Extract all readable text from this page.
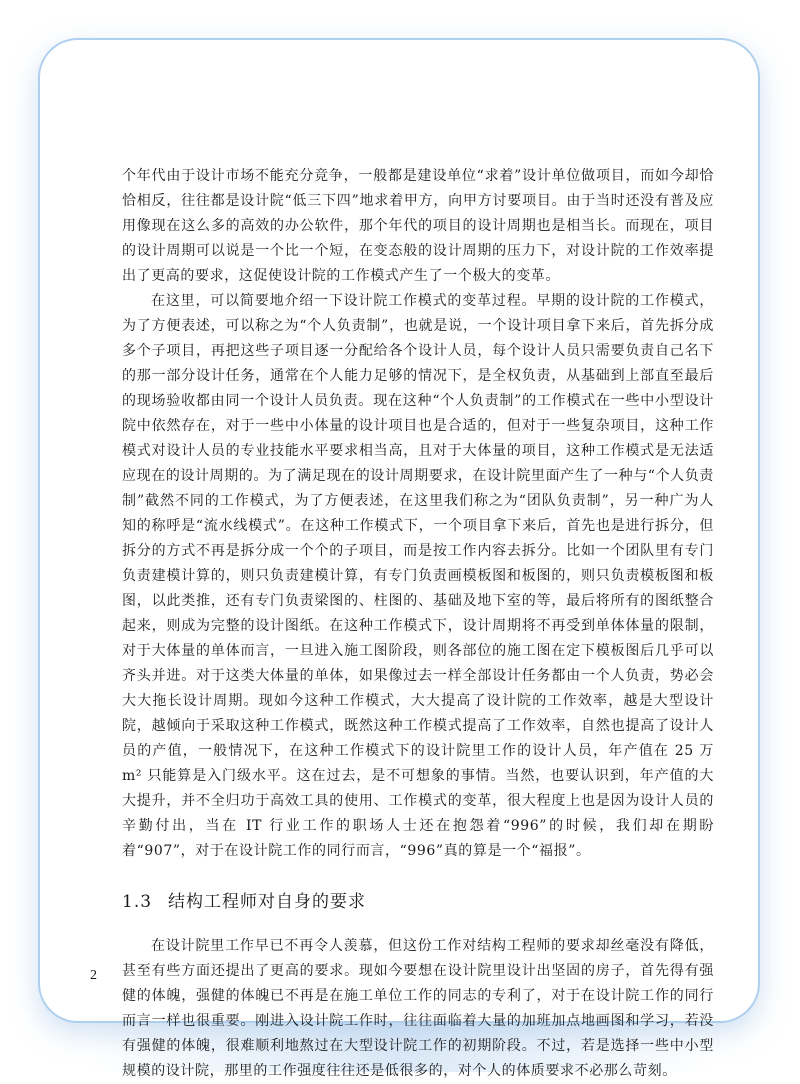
个年代由于设计市场不能充分竞争，一般都是建设单位“求着”设计单位做项目，而如今却恰恰相反，往往都是设计院“低三下四”地求着甲方，向甲方讨要项目。由于当时还没有普及应用像现在这么多的高效的办公软件，那个年代的项目的设计周期也是相当长。而现在，项目的设计周期可以说是一个比一个短，在变态般的设计周期的压力下，对设计院的工作效率提出了更高的要求，这促使设计院的工作模式产生了一个极大的变革。

在这里，可以简要地介绍一下设计院工作模式的变革过程。早期的设计院的工作模式，为了方便表述，可以称之为“个人负责制”，也就是说，一个设计项目拿下来后，首先拆分成多个子项目，再把这些子项目逐一分配给各个设计人员，每个设计人员只需要负责自己名下的那一部分设计任务，通常在个人能力足够的情况下，是全权负责，从基础到上部直至最后的现场验收都由同一个设计人员负责。现在这种“个人负责制”的工作模式在一些中小型设计院中依然存在，对于一些中小体量的设计项目也是合适的，但对于一些复杂项目，这种工作模式对设计人员的专业技能水平要求相当高，且对于大体量的项目，这种工作模式是无法适应现在的设计周期的。为了满足现在的设计周期要求，在设计院里面产生了一种与“个人负责制”截然不同的工作模式，为了方便表述，在这里我们称之为“团队负责制”，另一种广为人知的称呼是“流水线模式”。在这种工作模式下，一个项目拿下来后，首先也是进行拆分，但拆分的方式不再是拆分成一个个的子项目，而是按工作内容去拆分。比如一个团队里有专门负责建模计算的，则只负责建模计算，有专门负责画模板图和板图的，则只负责模板图和板图，以此类推，还有专门负责梁图的、柱图的、基础及地下室的等，最后将所有的图纸整合起来，则成为完整的设计图纸。在这种工作模式下，设计周期将不再受到单体体量的限制，对于大体量的单体而言，一旦进入施工图阶段，则各部位的施工图在定下模板图后几乎可以齐头并进。对于这类大体量的单体，如果像过去一样全部设计任务都由一个人负责，势必会大大拖长设计周期。现如今这种工作模式，大大提高了设计院的工作效率，越是大型设计院，越倾向于采取这种工作模式，既然这种工作模式提高了工作效率，自然也提高了设计人员的产值，一般情况下，在这种工作模式下的设计院里工作的设计人员，年产值在 25 万 m² 只能算是入门级水平。这在过去，是不可想象的事情。当然，也要认识到，年产值的大大提升，并不全归功于高效工具的使用、工作模式的变革，很大程度上也是因为设计人员的辛勤付出，当在 IT 行业工作的职场人士还在抱怨着“996”的时候，我们却在期盼着“907”，对于在设计院工作的同行而言，“996”真的算是一个“福报”。

1.3 结构工程师对自身的要求

在设计院里工作早已不再令人羡慕，但这份工作对结构工程师的要求却丝毫没有降低，甚至有些方面还提出了更高的要求。现如今要想在设计院里设计出坚固的房子，首先得有强健的体魄，强健的体魄已不再是在施工单位工作的同志的专利了，对于在设计院工作的同行而言一样也很重要。刚进入设计院工作时，往往面临着大量的加班加点地画图和学习，若没有强健的体魄，很难顺利地熬过在大型设计院工作的初期阶段。不过，若是选择一些中小型规模的设计院，那里的工作强度往往还是低很多的，对个人的体质要求不必那么苛刻。

2
